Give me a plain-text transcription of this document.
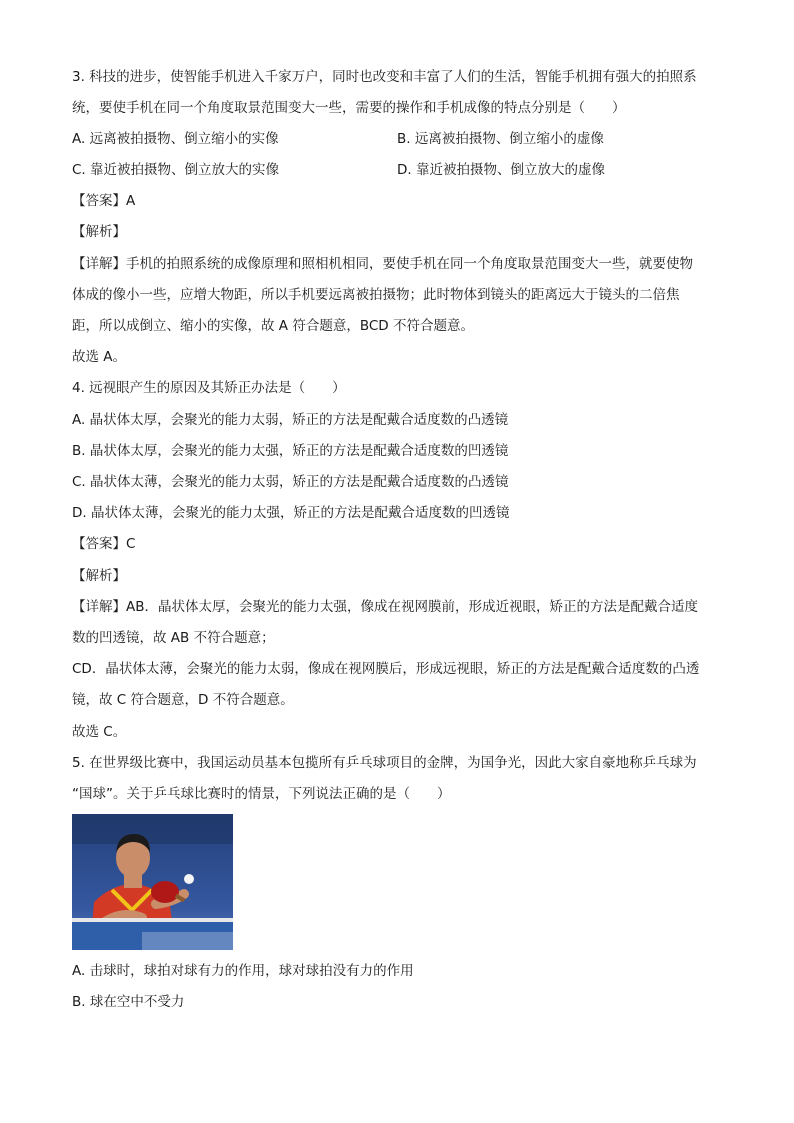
3. 科技的进步，使智能手机进入千家万户，同时也改变和丰富了人们的生活，智能手机拥有强大的拍照系
统，要使手机在同一个角度取景范围变大一些，需要的操作和手机成像的特点分别是（　　）
A. 远离被拍摄物、倒立缩小的实像	B. 远离被拍摄物、倒立缩小的虚像
C. 靠近被拍摄物、倒立放大的实像	D. 靠近被拍摄物、倒立放大的虚像
【答案】A
【解析】
【详解】手机的拍照系统的成像原理和照相机相同，要使手机在同一个角度取景范围变大一些，就要使物
体成的像小一些，应增大物距，所以手机要远离被拍摄物；此时物体到镜头的距离远大于镜头的二倍焦
距，所以成倒立、缩小的实像，故 A 符合题意，BCD 不符合题意。
故选 A。
4. 远视眼产生的原因及其矫正办法是（　　）
A. 晶状体太厚，会聚光的能力太弱，矫正的方法是配戴合适度数的凸透镜
B. 晶状体太厚，会聚光的能力太强，矫正的方法是配戴合适度数的凹透镜
C. 晶状体太薄，会聚光的能力太弱，矫正的方法是配戴合适度数的凸透镜
D. 晶状体太薄，会聚光的能力太强，矫正的方法是配戴合适度数的凹透镜
【答案】C
【解析】
【详解】AB．晶状体太厚，会聚光的能力太强，像成在视网膜前，形成近视眼，矫正的方法是配戴合适度
数的凹透镜，故 AB 不符合题意；
CD．晶状体太薄，会聚光的能力太弱，像成在视网膜后，形成远视眼，矫正的方法是配戴合适度数的凸透
镜，故 C 符合题意，D 不符合题意。
故选 C。
5. 在世界级比赛中，我国运动员基本包揽所有乒乓球项目的金牌，为国争光，因此大家自豪地称乒乓球为
“国球”。关于乒乓球比赛时的情景，下列说法正确的是（　　）
A. 击球时，球拍对球有力的作用，球对球拍没有力的作用
B. 球在空中不受力
